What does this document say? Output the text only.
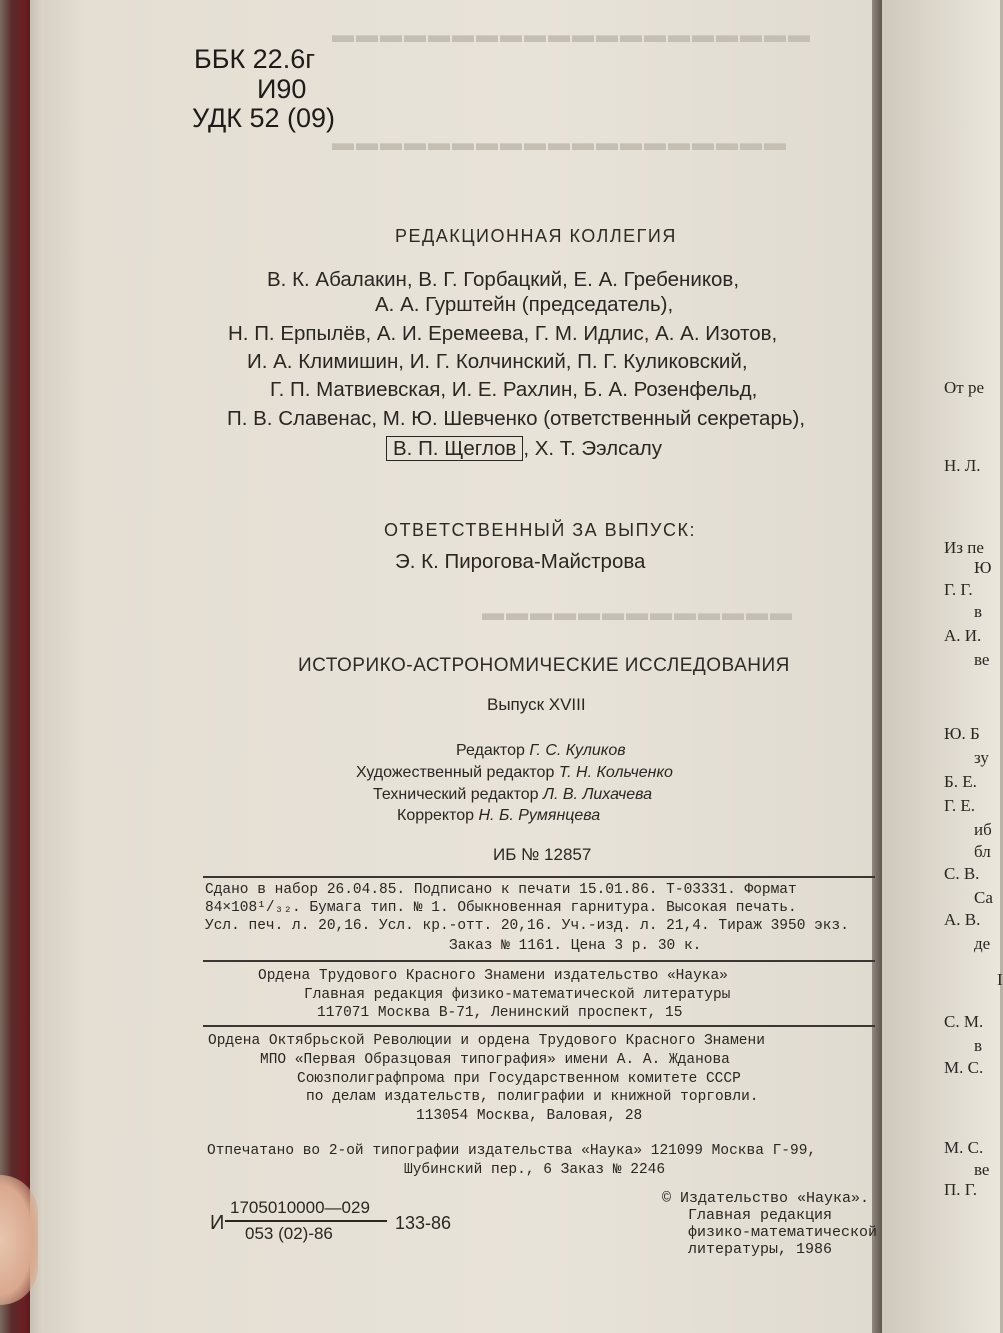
От ре
Н. Л.
Из пе
Ю
Г. Г.
в
А. И.
ве
Ю. Б
зу
Б. Е.
Г. Е.
иб
бл
С. В.
Са
А. В.
де
I
С. М.
в
М. С.
М. С.
ве
П. Г.
▬▬▬▬▬▬▬▬▬▬▬▬▬▬▬▬▬▬▬▬
▬▬▬▬▬▬▬▬▬▬▬▬▬▬▬▬▬▬▬
▬▬▬▬▬▬▬▬▬▬▬▬▬
ББК 22.6г
И90
УДК 52 (09)
РЕДАКЦИОННАЯ КОЛЛЕГИЯ
В. К. Абалакин, В. Г. Горбацкий, Е. А. Гребеников,
А. А. Гурштейн (председатель),
Н. П. Ерпылёв, А. И. Еремеева, Г. М. Идлис, А. А. Изотов,
И. А. Климишин, И. Г. Колчинский, П. Г. Куликовский,
Г. П. Матвиевская, И. Е. Рахлин, Б. А. Розенфельд,
П. В. Славенас, М. Ю. Шевченко (ответственный секретарь),
В. П. Щеглов , Х. Т. Ээлсалу
ОТВЕТСТВЕННЫЙ ЗА ВЫПУСК:
Э. К. Пирогова-Майстрова
ИСТОРИКО-АСТРОНОМИЧЕСКИЕ ИССЛЕДОВАНИЯ
Выпуск XVIII
Редактор Г. С. Куликов
Художественный редактор Т. Н. Кольченко
Технический редактор Л. В. Лихачева
Корректор Н. Б. Румянцева
ИБ № 12857
Сдано в набор 26.04.85. Подписано к печати 15.01.86. Т-03331. Формат
84×108¹/₃₂. Бумага тип. № 1. Обыкновенная гарнитура. Высокая печать.
Усл. печ. л. 20,16. Усл. кр.-отт. 20,16. Уч.-изд. л. 21,4. Тираж 3950 экз.
Заказ № 1161. Цена 3 р. 30 к.
Ордена Трудового Красного Знамени издательство «Наука»
Главная редакция физико-математической литературы
117071 Москва В-71, Ленинский проспект, 15
Ордена Октябрьской Революции и ордена Трудового Красного Знамени
МПО «Первая Образцовая типография» имени А. А. Жданова
Союзполиграфпрома при Государственном комитете СССР
по делам издательств, полиграфии и книжной торговли.
113054 Москва, Валовая, 28
Отпечатано во 2-ой типографии издательства «Наука» 121099 Москва Г-99,
Шубинский пер., 6 Заказ № 2246
И
1705010000—029
053 (02)-86
133-86
© Издательство «Наука».
Главная редакция
физико-математической
литературы, 1986
